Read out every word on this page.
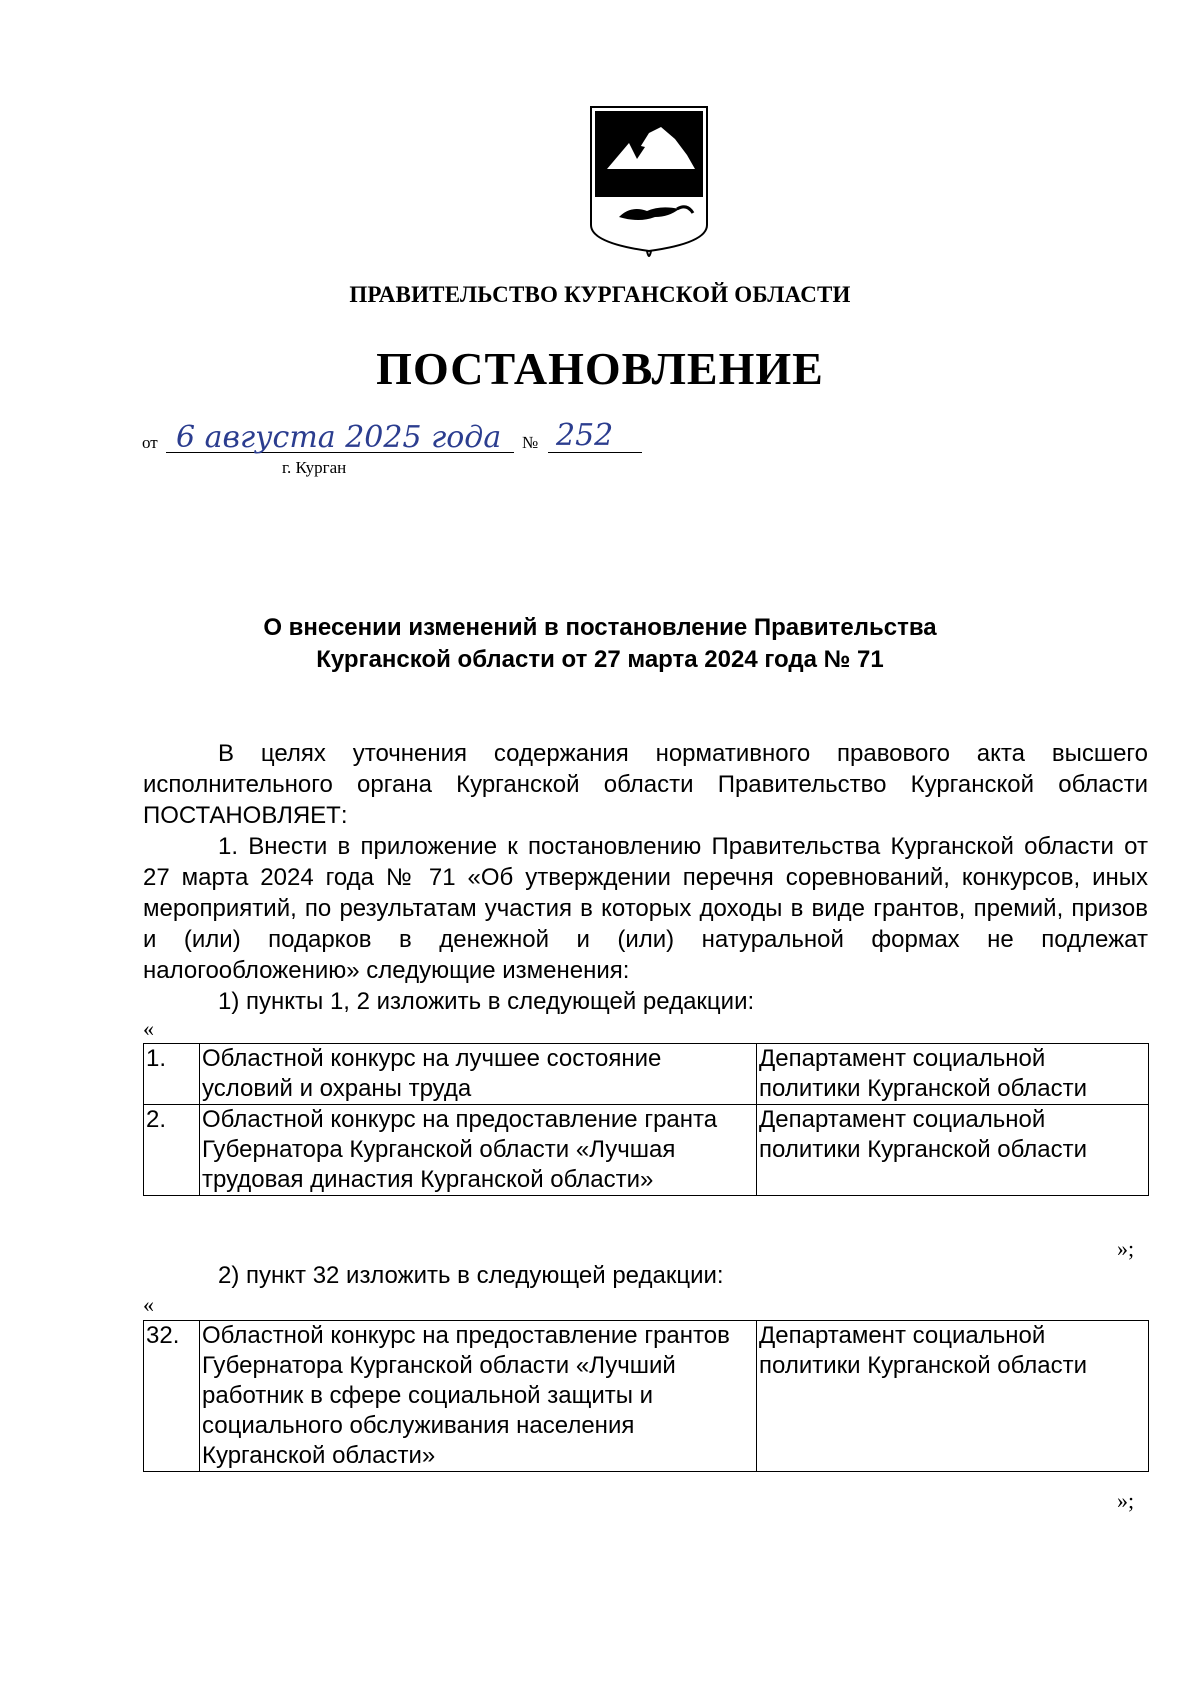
ПРАВИТЕЛЬСТВО КУРГАНСКОЙ ОБЛАСТИ
ПОСТАНОВЛЕНИЕ
от 6 августа 2025 года № 252
г. Курган
О внесении изменений в постановление Правительства
Курганской области от 27 марта 2024 года № 71
В целях уточнения содержания нормативного правового акта высшего исполнительного органа Курганской области Правительство Курганской области ПОСТАНОВЛЯЕТ:
1. Внести в приложение к постановлению Правительства Курганской области от 27 марта 2024 года № 71 «Об утверждении перечня соревнований, конкурсов, иных мероприятий, по результатам участия в которых доходы в виде грантов, премий, призов и (или) подарков в денежной и (или) натуральной формах не подлежат налогообложению» следующие изменения:
1) пункты 1, 2 изложить в следующей редакции:
«
1.	Областной конкурс на лучшее состояние условий и охраны труда	Департамент социальной политики Курганской области
2.	Областной конкурс на предоставление гранта Губернатора Курганской области «Лучшая трудовая династия Курганской области»	Департамент социальной политики Курганской области
»;
2) пункт 32 изложить в следующей редакции:
«
32.	Областной конкурс на предоставление грантов Губернатора Курганской области «Лучший работник в сфере социальной защиты и социального обслуживания населения Курганской области»	Департамент социальной политики Курганской области
»;
